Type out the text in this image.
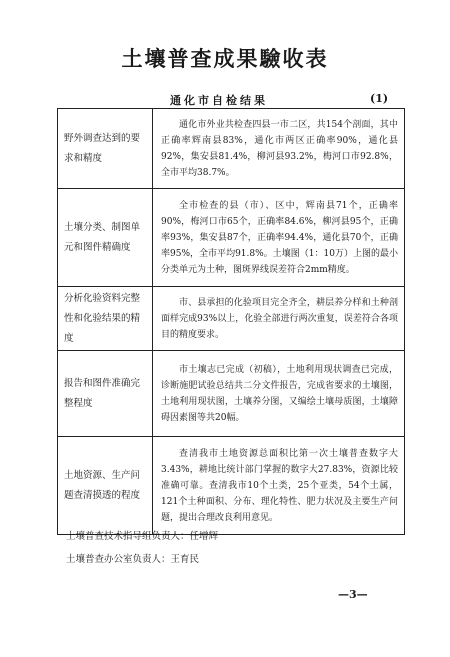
土壤普查成果驗收表
通化市自检结果	(1)
野外调查达到的要求和精度	通化市外业共检查四县一市二区，共154个剖面，其中正确率辉南县83%，通化市两区正确率90%，通化县92%，集安县81.4%，柳河县93.2%，梅河口市92.8%，全市平均38.7%。

土壤分类、制图单元和图件精确度	全市检查的县（市）、区中，辉南县71个，正确率90%，梅河口市65个，正确率84.6%，柳河县95个，正确率93%，集安县87个，正确率94.4%，通化县70个，正确率95%，全市平均91.8%。土壤图（1：10万）上图的最小分类单元为土种，图斑界线误差符合2mm精度。

分析化验资料完整性和化验结果的精度	市、县承担的化验项目完全齐全，耕层养分样和土种剖面样完成93%以上，化验全部进行两次重复，误差符合各项目的精度要求。

报告和图件准确完整程度	市土壤志已完成（初稿），土地利用现状调查已完成，诊断施肥试验总结共二分文件报告，完成省要求的土壤图，土地利用现状图，土壤养分图，又编绘土壤母质图，土壤障碍因素图等共20幅。

土地资源、生产问题查清摸透的程度	查清我市土地资源总面积比第一次土壤普查数字大3.43%，耕地比统计部门掌握的数字大27.83%，资源比较准确可靠。查清我市10个土类，25个亚类，54个土属，121个土种面积、分布、理化特性、肥力状况及主要生产问题，提出合理改良利用意见。

土壤普查技术指导组负责人：任增辉
土壤普查办公室负责人：王育民
—3—
